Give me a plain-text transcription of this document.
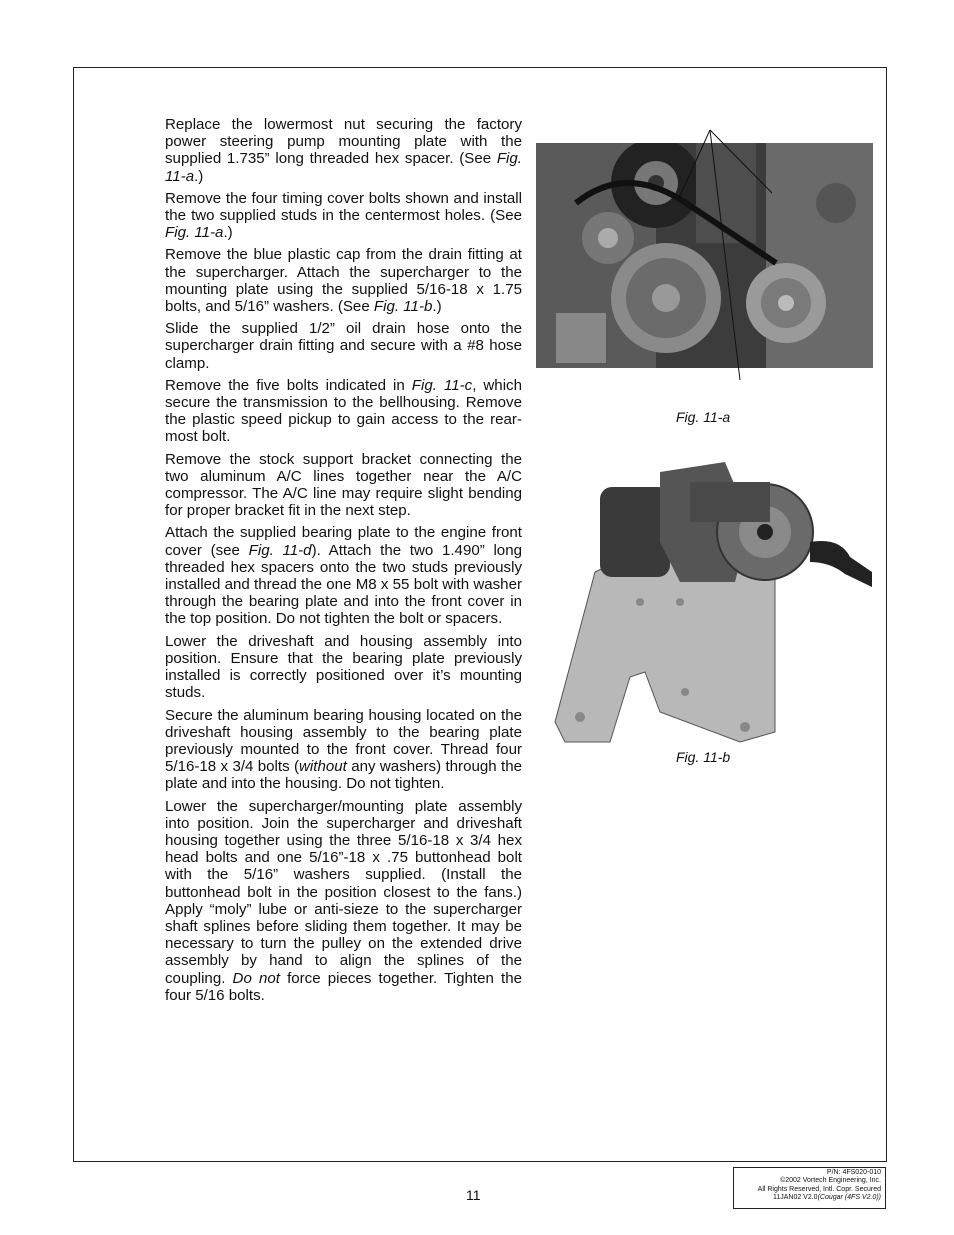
Replace the lowermost nut securing the factory power steering pump mounting plate with the supplied 1.735” long threaded hex spacer. (See Fig. 11-a.)

Remove the four timing cover bolts shown and install the two supplied studs in the centermost holes. (See Fig. 11-a.)

Remove the blue plastic cap from the drain fitting at the supercharger. Attach the supercharger to the mounting plate using the supplied 5/16-18 x 1.75 bolts, and 5/16” washers. (See Fig. 11-b.)

Slide the supplied 1/2” oil drain hose onto the supercharger drain fitting and secure with a #8 hose clamp.

Remove the five bolts indicated in Fig. 11-c, which secure the transmission to the bellhousing. Remove the plastic speed pickup to gain access to the rear-most bolt.

Remove the stock support bracket connecting the two aluminum A/C lines together near the A/C compressor. The A/C line may require slight bending for proper bracket fit in the next step.

Attach the supplied bearing plate to the engine front cover (see Fig. 11-d). Attach the two 1.490” long threaded hex spacers onto the two studs previously installed and thread the one M8 x 55 bolt with washer through the bearing plate and into the front cover in the top position. Do not tighten the bolt or spacers.

Lower the driveshaft and housing assembly into position. Ensure that the bearing plate previously installed is correctly positioned over it’s mounting studs.

Secure the aluminum bearing housing located on the driveshaft housing assembly to the bearing plate previously mounted to the front cover. Thread four 5/16-18 x 3/4 bolts (without any washers) through the plate and into the housing. Do not tighten.

Lower the supercharger/mounting plate assembly into position. Join the supercharger and driveshaft housing together using the three 5/16-18 x 3/4 hex head bolts and one 5/16”-18 x .75 buttonhead bolt with the 5/16” washers supplied. (Install the buttonhead bolt in the position closest to the fans.) Apply “moly” lube or anti-sieze to the supercharger shaft splines before sliding them together. It may be necessary to turn the pulley on the extended drive assembly by hand to align the splines of the coupling. Do not force pieces together. Tighten the four 5/16 bolts.

Fig. 11-a
Fig. 11-b
11
P/N: 4FS020-010
©2002 Vortech Engineering, Inc.
All Rights Reserved, Intl. Copr. Secured
11JAN02 V2.0(Cougar (4FS V2.0))
